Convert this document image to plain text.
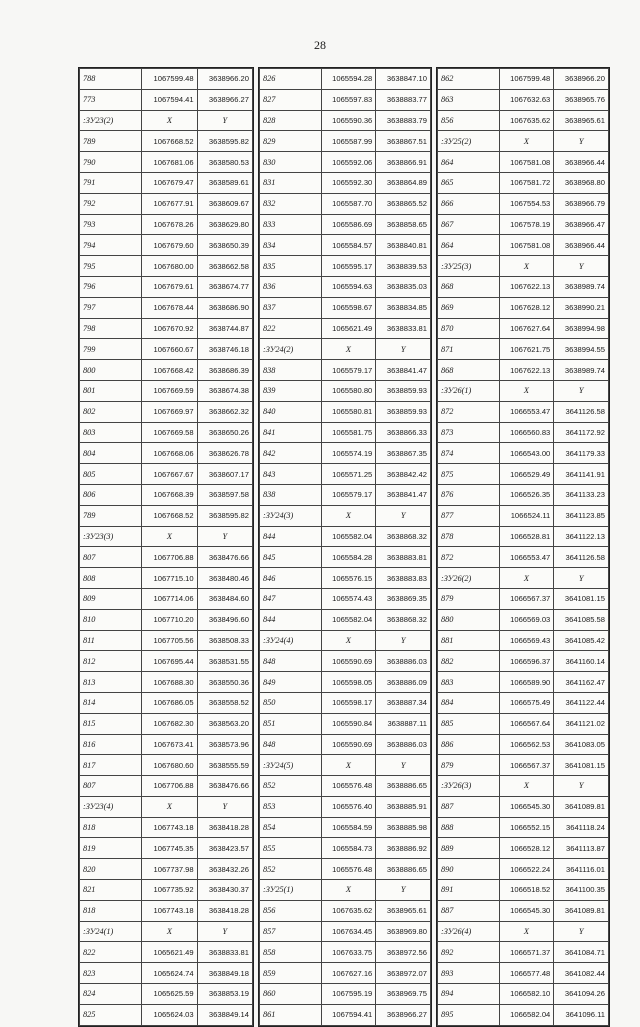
28
788	1067599.48	3638966.20
773	1067594.41	3638966.27
:ЗУ23(2)	X	Y
789	1067668.52	3638595.82
790	1067681.06	3638580.53
791	1067679.47	3638589.61
792	1067677.91	3638609.67
793	1067678.26	3638629.80
794	1067679.60	3638650.39
795	1067680.00	3638662.58
796	1067679.61	3638674.77
797	1067678.44	3638686.90
798	1067670.92	3638744.87
799	1067660.67	3638746.18
800	1067668.42	3638686.39
801	1067669.59	3638674.38
802	1067669.97	3638662.32
803	1067669.58	3638650.26
804	1067668.06	3638626.78
805	1067667.67	3638607.17
806	1067668.39	3638597.58
789	1067668.52	3638595.82
:ЗУ23(3)	X	Y
807	1067706.88	3638476.66
808	1067715.10	3638480.46
809	1067714.06	3638484.60
810	1067710.20	3638496.60
811	1067705.56	3638508.33
812	1067695.44	3638531.55
813	1067688.30	3638550.36
814	1067686.05	3638558.52
815	1067682.30	3638563.20
816	1067673.41	3638573.96
817	1067680.60	3638555.59
807	1067706.88	3638476.66
:ЗУ23(4)	X	Y
818	1067743.18	3638418.28
819	1067745.35	3638423.57
820	1067737.98	3638432.26
821	1067735.92	3638430.37
818	1067743.18	3638418.28
:ЗУ24(1)	X	Y
822	1065621.49	3638833.81
823	1065624.74	3638849.18
824	1065625.59	3638853.19
825	1065624.03	3638849.14
826	1065594.28	3638847.10
827	1065597.83	3638883.77
828	1065590.36	3638883.79
829	1065587.99	3638867.51
830	1065592.06	3638866.91
831	1065592.30	3638864.89
832	1065587.70	3638865.52
833	1065586.69	3638858.65
834	1065584.57	3638840.81
835	1065595.17	3638839.53
836	1065594.63	3638835.03
837	1065598.67	3638834.85
822	1065621.49	3638833.81
:ЗУ24(2)	X	Y
838	1065579.17	3638841.47
839	1065580.80	3638859.93
840	1065580.81	3638859.93
841	1065581.75	3638866.33
842	1065574.19	3638867.35
843	1065571.25	3638842.42
838	1065579.17	3638841.47
:ЗУ24(3)	X	Y
844	1065582.04	3638868.32
845	1065584.28	3638883.81
846	1065576.15	3638883.83
847	1065574.43	3638869.35
844	1065582.04	3638868.32
:ЗУ24(4)	X	Y
848	1065590.69	3638886.03
849	1065598.05	3638886.09
850	1065598.17	3638887.34
851	1065590.84	3638887.11
848	1065590.69	3638886.03
:ЗУ24(5)	X	Y
852	1065576.48	3638886.65
853	1065576.40	3638885.91
854	1065584.59	3638885.98
855	1065584.73	3638886.92
852	1065576.48	3638886.65
:ЗУ25(1)	X	Y
856	1067635.62	3638965.61
857	1067634.45	3638969.80
858	1067633.75	3638972.56
859	1067627.16	3638972.07
860	1067595.19	3638969.75
861	1067594.41	3638966.27
862	1067599.48	3638966.20
863	1067632.63	3638965.76
856	1067635.62	3638965.61
:ЗУ25(2)	X	Y
864	1067581.08	3638966.44
865	1067581.72	3638968.80
866	1067554.53	3638966.79
867	1067578.19	3638966.47
864	1067581.08	3638966.44
:ЗУ25(3)	X	Y
868	1067622.13	3638989.74
869	1067628.12	3638990.21
870	1067627.64	3638994.98
871	1067621.75	3638994.55
868	1067622.13	3638989.74
:ЗУ26(1)	X	Y
872	1066553.47	3641126.58
873	1066560.83	3641172.92
874	1066543.00	3641179.33
875	1066529.49	3641141.91
876	1066526.35	3641133.23
877	1066524.11	3641123.85
878	1066528.81	3641122.13
872	1066553.47	3641126.58
:ЗУ26(2)	X	Y
879	1066567.37	3641081.15
880	1066569.03	3641085.58
881	1066569.43	3641085.42
882	1066596.37	3641160.14
883	1066589.90	3641162.47
884	1066575.49	3641122.44
885	1066567.64	3641121.02
886	1066562.53	3641083.05
879	1066567.37	3641081.15
:ЗУ26(3)	X	Y
887	1066545.30	3641089.81
888	1066552.15	3641118.24
889	1066528.12	3641113.87
890	1066522.24	3641116.01
891	1066518.52	3641100.35
887	1066545.30	3641089.81
:ЗУ26(4)	X	Y
892	1066571.37	3641084.71
893	1066577.48	3641082.44
894	1066582.10	3641094.26
895	1066582.04	3641096.11
